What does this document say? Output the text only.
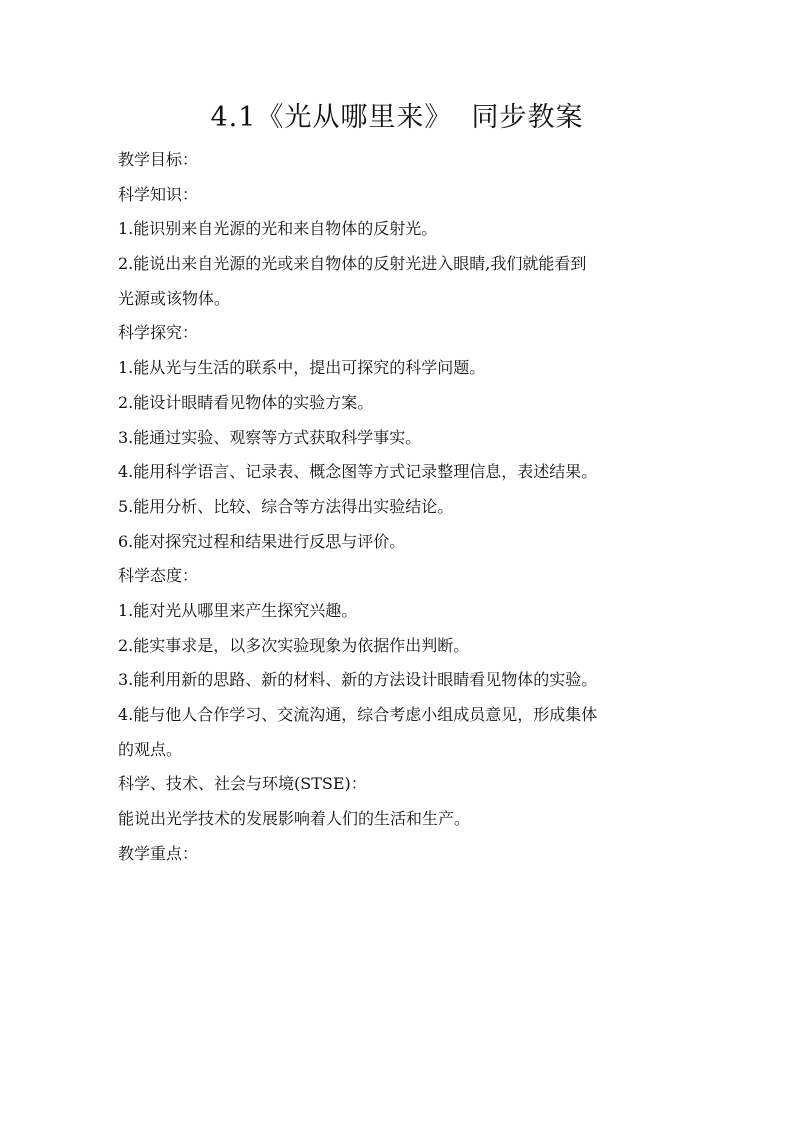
4.1《光从哪里来》  同步教案
教学目标：
科学知识：
1.能识别来自光源的光和来自物体的反射光。
2.能说出来自光源的光或来自物体的反射光进入眼睛,我们就能看到
光源或该物体。
科学探究：
1.能从光与生活的联系中，提出可探究的科学问题。
2.能设计眼睛看见物体的实验方案。
3.能通过实验、观察等方式获取科学事实。
4.能用科学语言、记录表、概念图等方式记录整理信息，表述结果。
5.能用分析、比较、综合等方法得出实验结论。
6.能对探究过程和结果进行反思与评价。
科学态度：
1.能对光从哪里来产生探究兴趣。
2.能实事求是，以多次实验现象为依据作出判断。
3.能利用新的思路、新的材料、新的方法设计眼睛看见物体的实验。
4.能与他人合作学习、交流沟通，综合考虑小组成员意见，形成集体
的观点。
科学、技术、社会与环境(STSE)：
能说出光学技术的发展影响着人们的生活和生产。
教学重点：
